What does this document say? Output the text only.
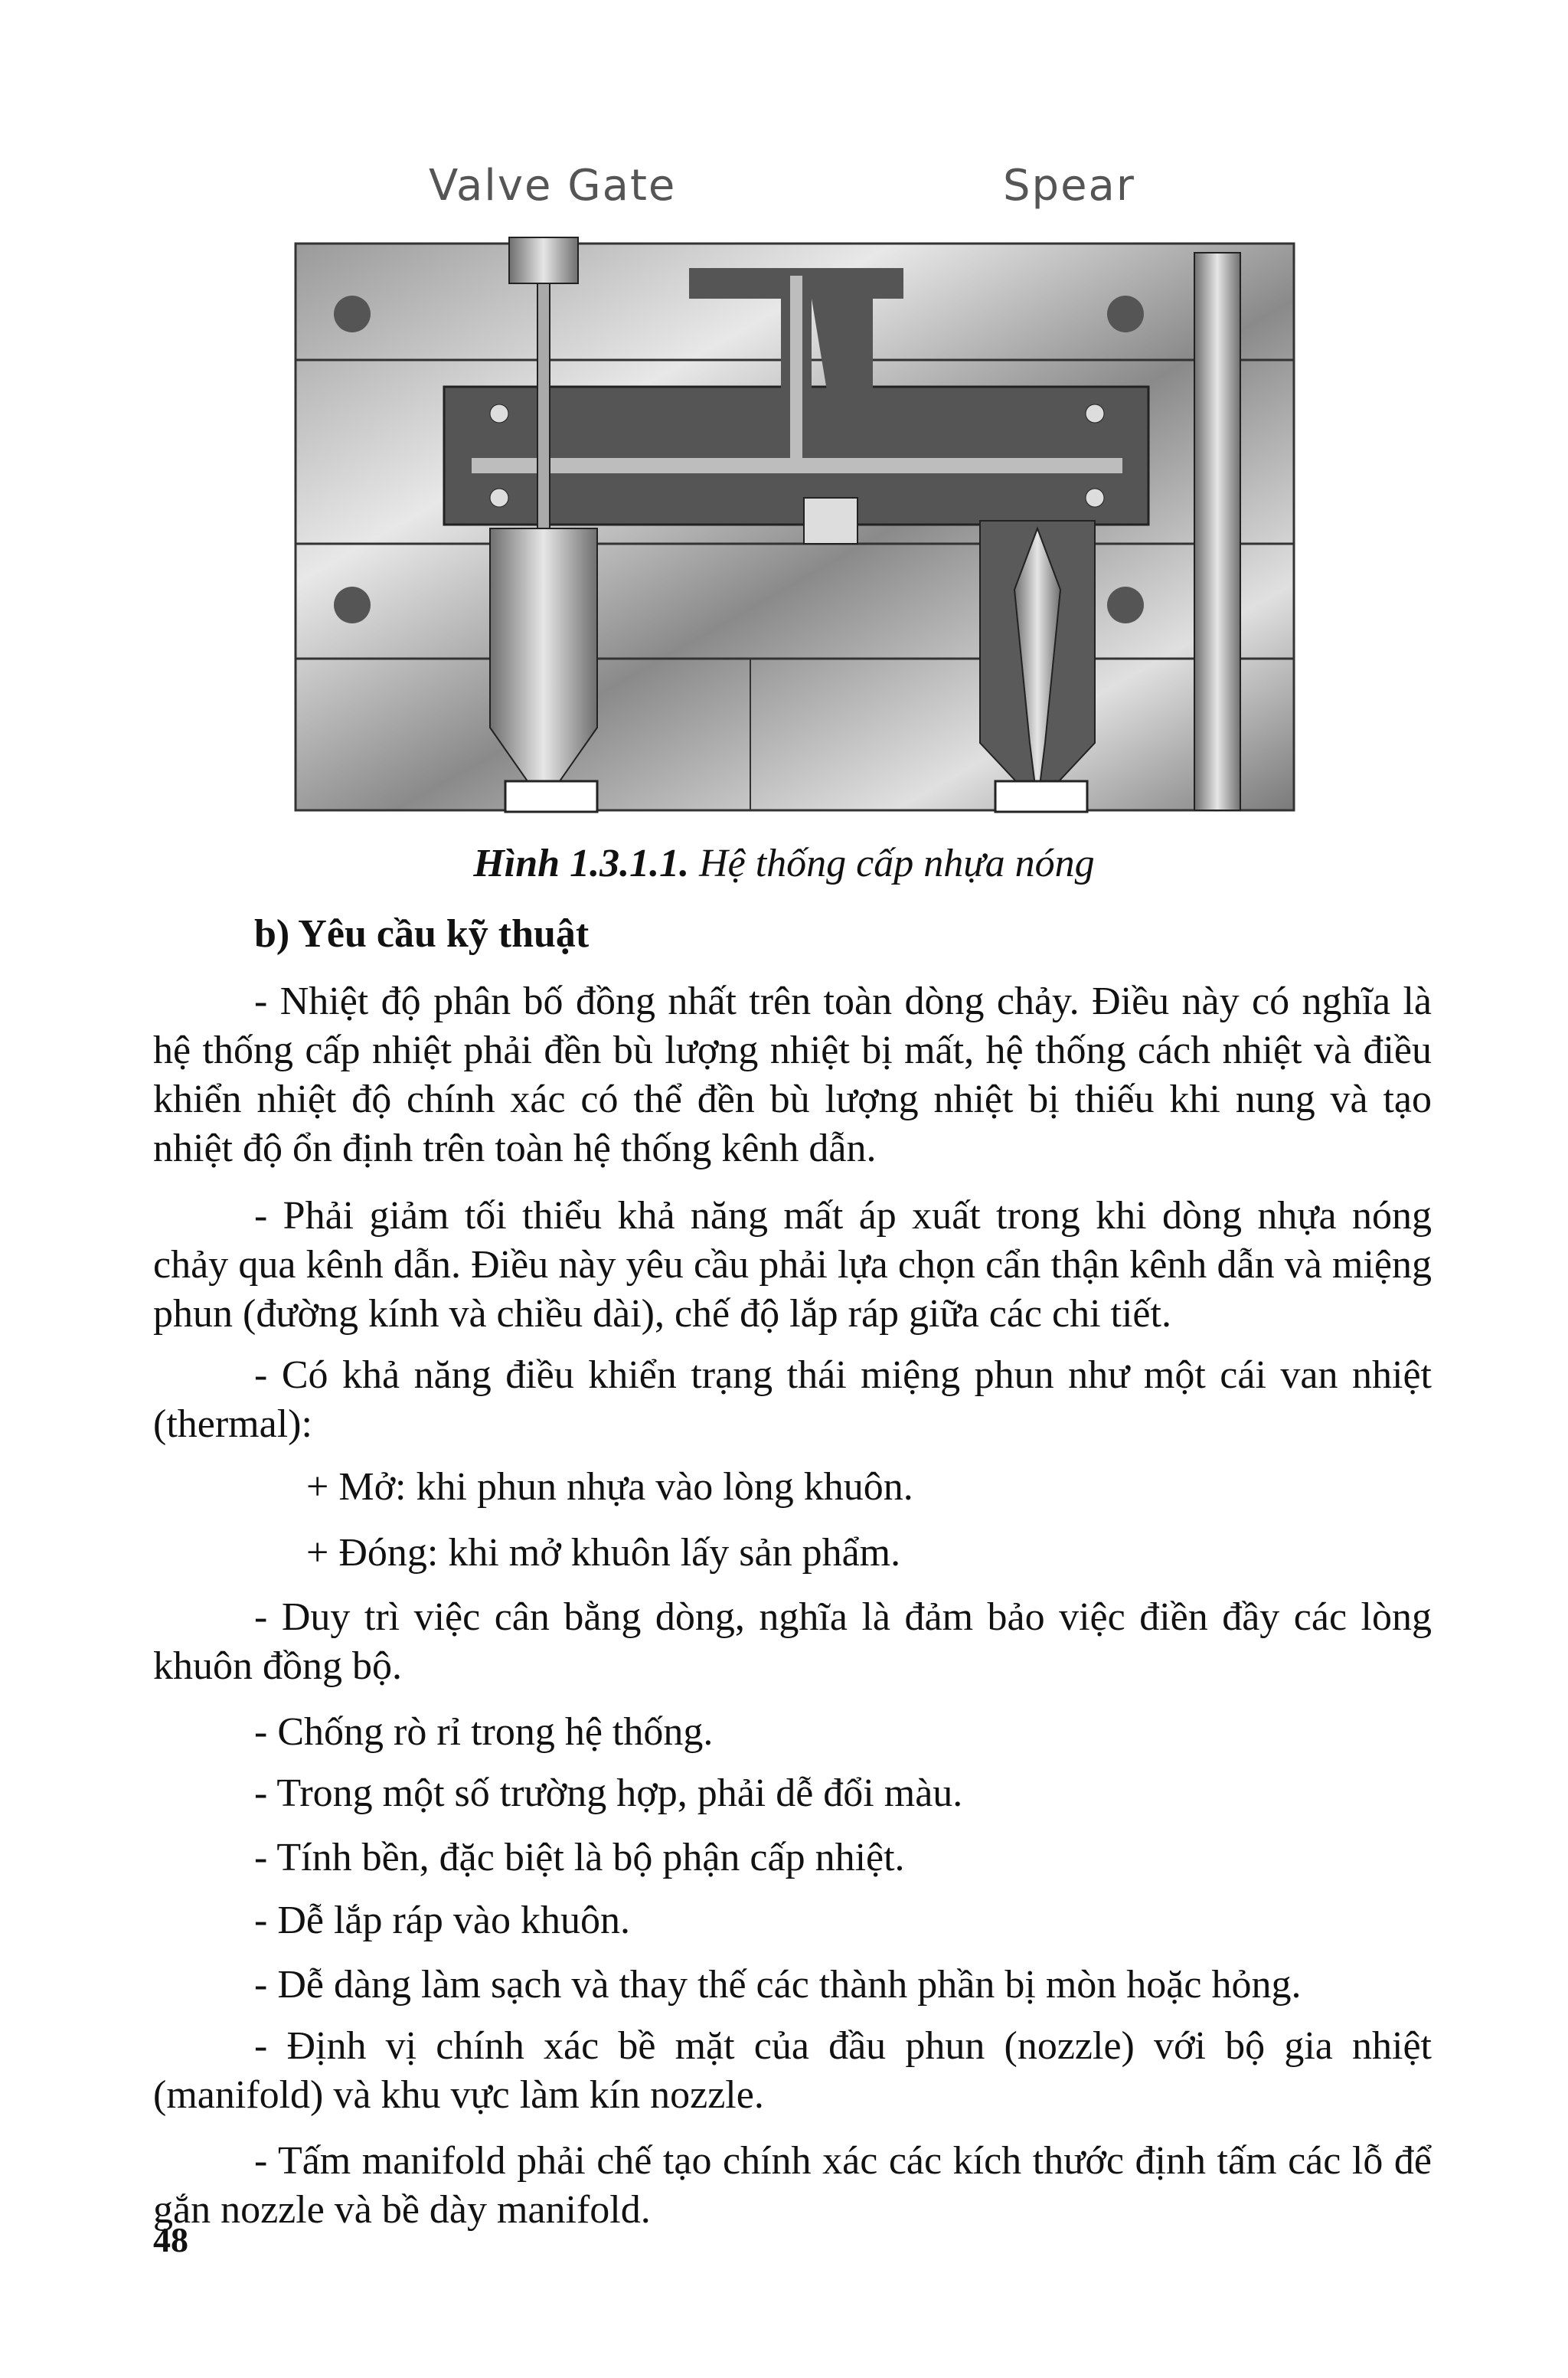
Valve Gate	Spear
Hình 1.3.1.1. Hệ thống cấp nhựa nóng
b) Yêu cầu kỹ thuật
- Nhiệt độ phân bố đồng nhất trên toàn dòng chảy. Điều này có nghĩa là hệ thống cấp nhiệt phải đền bù lượng nhiệt bị mất, hệ thống cách nhiệt và điều khiển nhiệt độ chính xác có thể đền bù lượng nhiệt bị thiếu khi nung và tạo nhiệt độ ổn định trên toàn hệ thống kênh dẫn.
- Phải giảm tối thiểu khả năng mất áp xuất trong khi dòng nhựa nóng chảy qua kênh dẫn. Điều này yêu cầu phải lựa chọn cẩn thận kênh dẫn và miệng phun (đường kính và chiều dài), chế độ lắp ráp giữa các chi tiết.
- Có khả năng điều khiển trạng thái miệng phun như một cái van nhiệt (thermal):
+ Mở: khi phun nhựa vào lòng khuôn.
+ Đóng: khi mở khuôn lấy sản phẩm.
- Duy trì việc cân bằng dòng, nghĩa là đảm bảo việc điền đầy các lòng khuôn đồng bộ.
- Chống rò rỉ trong hệ thống.
- Trong một số trường hợp, phải dễ đổi màu.
- Tính bền, đặc biệt là bộ phận cấp nhiệt.
- Dễ lắp ráp vào khuôn.
- Dễ dàng làm sạch và thay thế các thành phần bị mòn hoặc hỏng.
- Định vị chính xác bề mặt của đầu phun (nozzle) với bộ gia nhiệt (manifold) và khu vực làm kín nozzle.
- Tấm manifold phải chế tạo chính xác các kích thước định tấm các lỗ để gắn nozzle và bề dày manifold.
48
